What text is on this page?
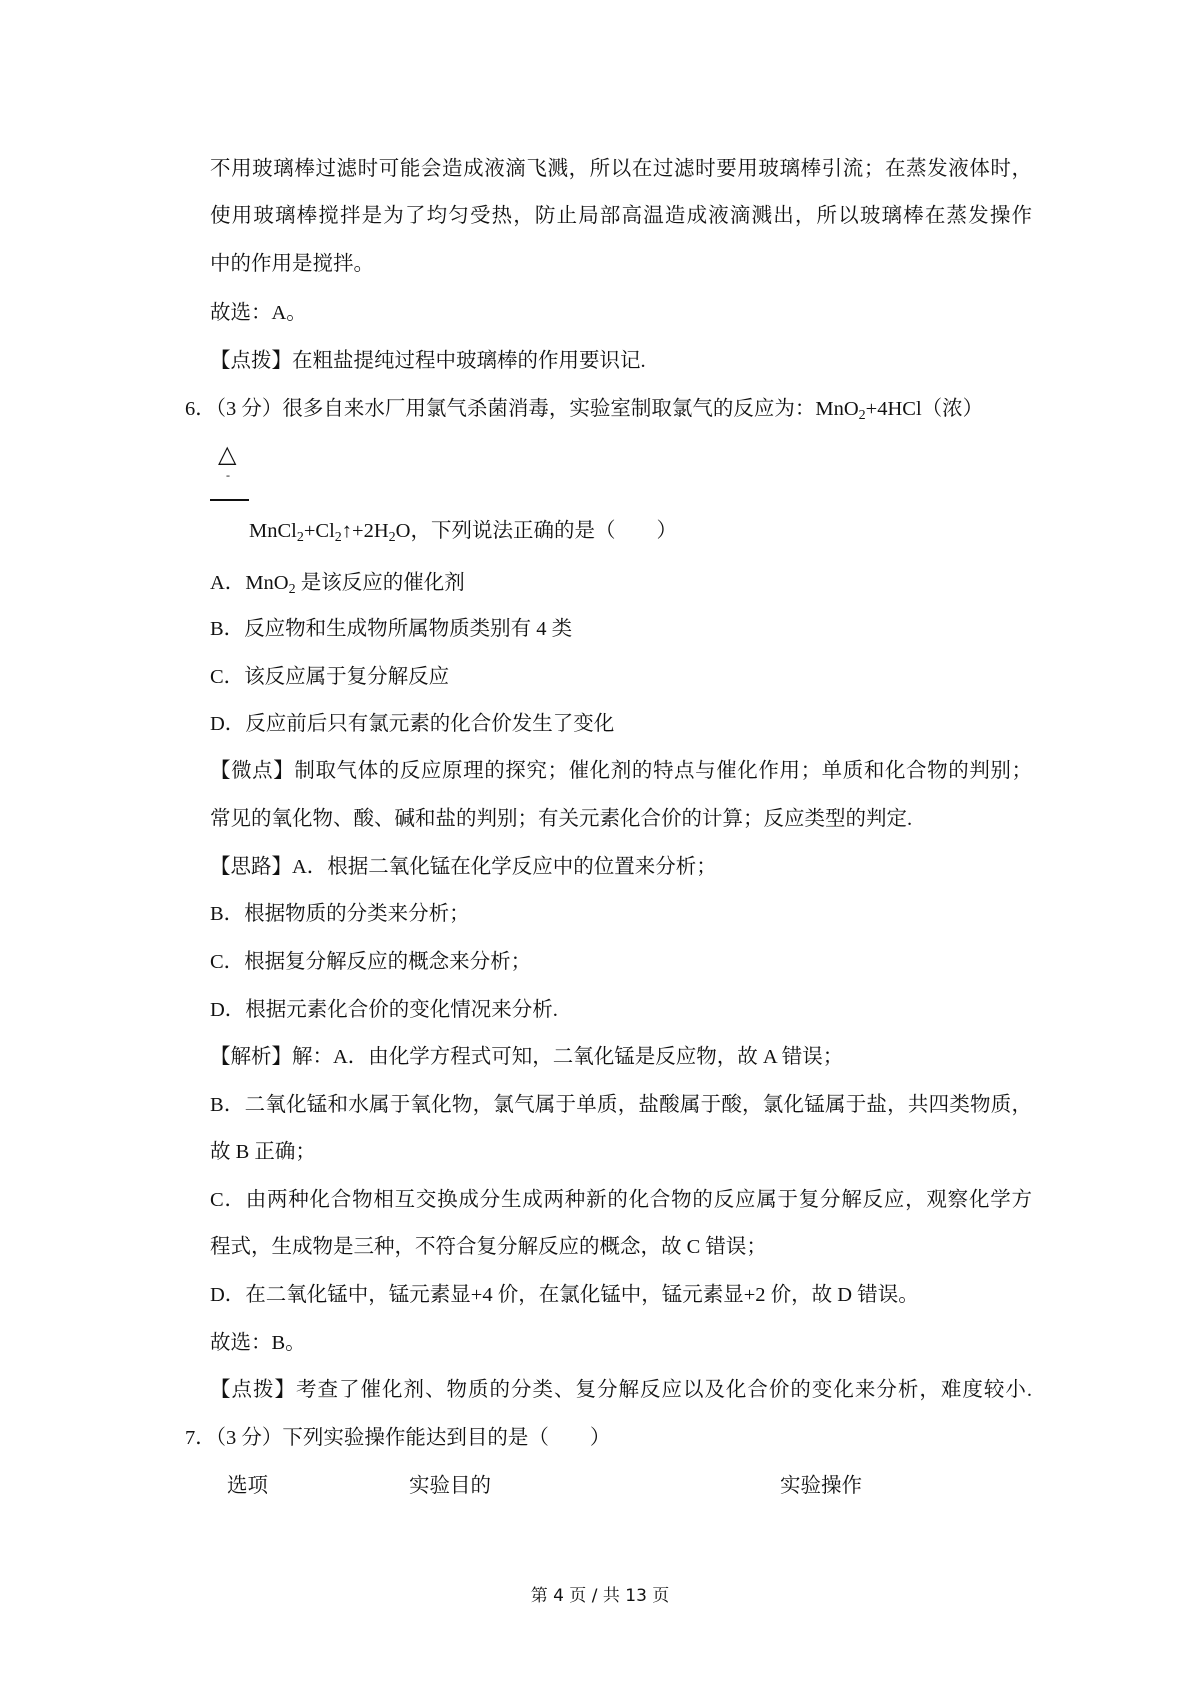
不用玻璃棒过滤时可能会造成液滴飞溅，所以在过滤时要用玻璃棒引流；在蒸发液体时，
使用玻璃棒搅拌是为了均匀受热，防止局部高温造成液滴溅出，所以玻璃棒在蒸发操作
中的作用是搅拌。
故选：A。
【点拨】在粗盐提纯过程中玻璃棒的作用要识记.
6．（3 分）很多自来水厂用氯气杀菌消毒，实验室制取氯气的反应为：MnO$_2$+4HCl（浓）
△
-
$MnCl_2+Cl_2↑+2H_2O$，下列说法正确的是（　　）
A．MnO$_2$ 是该反应的催化剂
B．反应物和生成物所属物质类别有 4 类
C．该反应属于复分解反应
D．反应前后只有氯元素的化合价发生了变化
【微点】制取气体的反应原理的探究；催化剂的特点与催化作用；单质和化合物的判别；
常见的氧化物、酸、碱和盐的判别；有关元素化合价的计算；反应类型的判定.
【思路】A．根据二氧化锰在化学反应中的位置来分析；
B．根据物质的分类来分析；
C．根据复分解反应的概念来分析；
D．根据元素化合价的变化情况来分析.
【解析】解：A．由化学方程式可知，二氧化锰是反应物，故 A 错误；
B．二氧化锰和水属于氧化物，氯气属于单质，盐酸属于酸，氯化锰属于盐，共四类物质，
故 B 正确；
C．由两种化合物相互交换成分生成两种新的化合物的反应属于复分解反应，观察化学方
程式，生成物是三种，不符合复分解反应的概念，故 C 错误；
D．在二氧化锰中，锰元素显+4 价，在氯化锰中，锰元素显+2 价，故 D 错误。
故选：B。
【点拨】考查了催化剂、物质的分类、复分解反应以及化合价的变化来分析，难度较小.
7．（3 分）下列实验操作能达到目的是（　　）
选项	实验目的	实验操作
第 4 页 / 共 13 页
